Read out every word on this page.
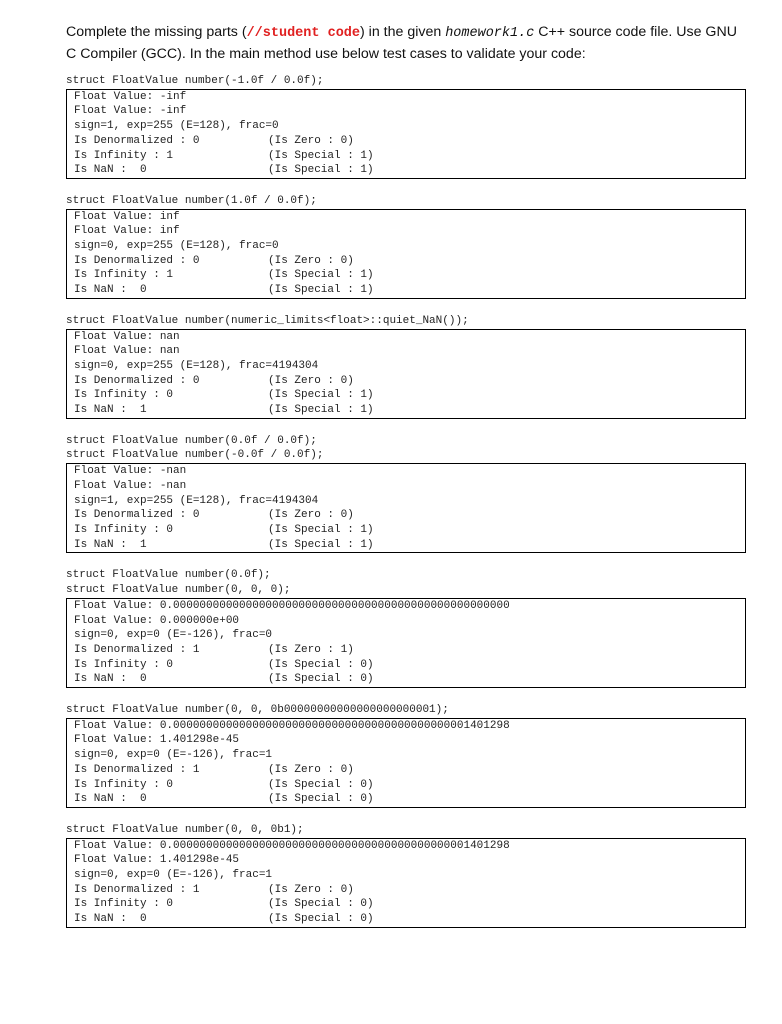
Complete the missing parts (//student code) in the given homework1.c C++ source code file. Use GNU C Compiler (GCC). In the main method use below test cases to validate your code:

struct FloatValue number(-1.0f / 0.0f);
Float Value: -inf
Float Value: -inf
sign=1, exp=255 (E=128), frac=0
Is Denormalized : 0	(Is Zero : 0)
Is Infinity : 1	(Is Special : 1)
Is NaN :  0	(Is Special : 1)
struct FloatValue number(1.0f / 0.0f);
Float Value: inf
Float Value: inf
sign=0, exp=255 (E=128), frac=0
Is Denormalized : 0	(Is Zero : 0)
Is Infinity : 1	(Is Special : 1)
Is NaN :  0	(Is Special : 1)
struct FloatValue number(numeric_limits<float>::quiet_NaN());
Float Value: nan
Float Value: nan
sign=0, exp=255 (E=128), frac=4194304
Is Denormalized : 0	(Is Zero : 0)
Is Infinity : 0	(Is Special : 1)
Is NaN :  1	(Is Special : 1)
struct FloatValue number(0.0f / 0.0f);
struct FloatValue number(-0.0f / 0.0f);
Float Value: -nan
Float Value: -nan
sign=1, exp=255 (E=128), frac=4194304
Is Denormalized : 0	(Is Zero : 0)
Is Infinity : 0	(Is Special : 1)
Is NaN :  1	(Is Special : 1)
struct FloatValue number(0.0f);
struct FloatValue number(0, 0, 0);
Float Value: 0.000000000000000000000000000000000000000000000000000
Float Value: 0.000000e+00
sign=0, exp=0 (E=-126), frac=0
Is Denormalized : 1	(Is Zero : 1)
Is Infinity : 0	(Is Special : 0)
Is NaN :  0	(Is Special : 0)
struct FloatValue number(0, 0, 0b00000000000000000000001);
Float Value: 0.000000000000000000000000000000000000000000001401298
Float Value: 1.401298e-45
sign=0, exp=0 (E=-126), frac=1
Is Denormalized : 1	(Is Zero : 0)
Is Infinity : 0	(Is Special : 0)
Is NaN :  0	(Is Special : 0)
struct FloatValue number(0, 0, 0b1);
Float Value: 0.000000000000000000000000000000000000000000001401298
Float Value: 1.401298e-45
sign=0, exp=0 (E=-126), frac=1
Is Denormalized : 1	(Is Zero : 0)
Is Infinity : 0	(Is Special : 0)
Is NaN :  0	(Is Special : 0)
